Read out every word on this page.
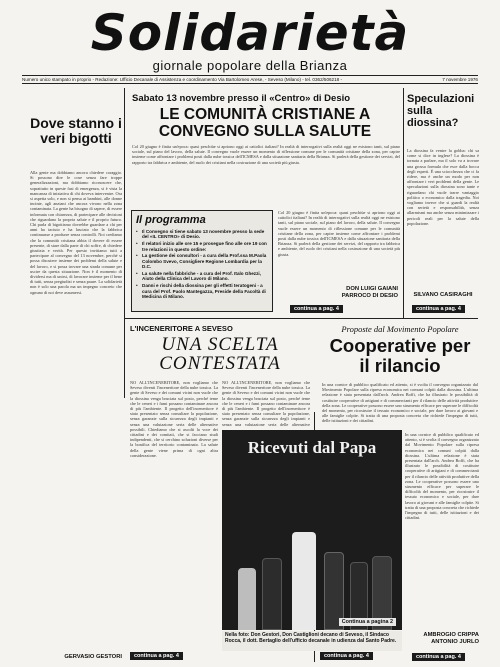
Solidarietà
giornale popolare della Brianza
Numero unico stampato in proprio - Redazione: Ufficio Decanale di Assistenza e coordinamento Via Bartolomeo Arese, - Seveso (Milano) - tel. 0362/506218 -	7 novembre 1976
Dove stanno i veri bigotti
Alla gente ma dobbiamo ancora chiedere coraggio. Si possono dire le cose senza fare troppe generalizzazioni, ma dobbiamo riconoscere che, soprattutto in queste fasi di emergenza, si è vista la mancanza di iniziativa di chi doveva intervenire. Ora si aspetta solo, e non si pensa ai bambini, alle donne incinte, agli anziani che ancora vivono nella zona contaminata. La gente ha bisogno di sapere, di essere informata con chiarezza, di partecipare alle decisioni che riguardano la propria salute e il proprio futuro. Chi parla di bigottismo dovrebbe guardare a chi per anni ha taciuto e ha lasciato che la fabbrica continuasse a produrre senza controlli. Noi crediamo che la comunità cristiana abbia il dovere di essere presente, di stare dalla parte di chi soffre, di chiedere giustizia e verità. Per questo invitiamo tutti a partecipare al convegno del 13 novembre, perché si possa discutere insieme dei problemi della salute e del lavoro, e si possa trovare una strada comune per uscire da questa situazione. Non è il momento di dividersi ma di unirsi, di lavorare insieme per il bene di tutti, senza pregiudizi e senza paure. La solidarietà non è solo una parola ma un impegno concreto che ognuno di noi deve assumersi.
GERVASIO GESTORI
Sabato 13 novembre presso il «Centro» di Desio
LE COMUNITÀ CRISTIANE A CONVEGNO SULLA SALUTE
Col 20 giugno è finita un'epoca: quasi peschiùe si apriono oggi ai cattolici italiani? In realtà di interrogativi sulla realtà oggi ne esistono tanti, sul piano sociale, sul piano del lavoro, della salute. Il convegno vuole essere un momento di riflessione comune per le comunità cristiane della zona, per capire insieme come affrontare i problemi posti dalla nube tossica dell'ICMESA e dalla situazione sanitaria della Brianza. Si parlerà della gestione dei servizi, del rapporto tra fabbrica e ambiente, del ruolo dei cristiani nella costruzione di una società più giusta.
Il programma
• Il Convegno si tiene sabato 13 novembre presso la sede del «IL CENTRO» di Desio.
• Il relatori inizio alle ore 15 e prosegue fino alle ore 19 con tre relazioni in questo ordine:
• La gestione dei consultori - a cura della Prof.ssa M.Paola Colombo Svevo, Consigliere Regione Lombardia per la D.C.
• La salute nella fabbriche - a cura del Prof. Italo Ghezzi, Aiuto della Clinica del Lavoro di Milano.
• Danni e rischi della diossina per gli effetti teratogeni - a cura del Prof. Paolo Mantegazza, Preside della Facoltà di Medicina di Milano.
Col 20 giugno è finita un'epoca: quasi peschiùe si apriono oggi ai cattolici italiani? In realtà di interrogativi sulla realtà oggi ne esistono tanti, sul piano sociale, sul piano del lavoro, della salute. Il convegno vuole essere un momento di riflessione comune per le comunità cristiane della zona, per capire insieme come affrontare i problemi posti dalla nube tossica dell'ICMESA e dalla situazione sanitaria della Brianza. Si parlerà della gestione dei servizi, del rapporto tra fabbrica e ambiente, del ruolo dei cristiani nella costruzione di una società più giusta.
DON LUIGI GAIANI
PARROCO DI DESIO
continua a pag. 4
Speculazioni sulla diossina?
La diossina fa venire la gobba: chi sa come si dice in inglese? La diossina è tornata a parlare, ma il solo va a trovare una grossa formula che esce dalla bocca degli esperti. È una sciocchezza che ci fa ridere, ma è anche un modo per non affrontare i veri problemi della gente. Le speculazioni sulla diossina sono tante e riguardano chi vuole trarre vantaggio politico o economico dalla tragedia. Noi vogliamo invece che si guardi la realtà con serietà e responsabilità, senza allarmismi ma anche senza minimizzare i pericoli reali per la salute della popolazione.
SILVANO CASIRAGHI
continua a pag. 4
L'INCENERITORE A SEVESO
UNA SCELTA CONTESTATA
NO ALL'INCENERITORE, non vogliamo che Seveso diventi l'inceneritore della nube tossica. La gente di Seveso e dei comuni vicini non vuole che la diossina venga bruciata sul posto, perché teme che le ceneri e i fumi possano contaminare ancora di più l'ambiente. Il progetto dell'inceneritore è stato presentato senza consultare la popolazione, senza garanzie sulla sicurezza degli impianti e senza una valutazione seria delle alternative possibili. Chiediamo che si ascolti la voce dei cittadini e dei comitati, che si facciano studi indipendenti, che si cerchino soluzioni diverse per la bonifica del territorio contaminato. La salute della gente viene prima di ogni altra considerazione.
NO ALL'INCENERITORE, non vogliamo che Seveso diventi l'inceneritore della nube tossica. La gente di Seveso e dei comuni vicini non vuole che la diossina venga bruciata sul posto, perché teme che le ceneri e i fumi possano contaminare ancora di più l'ambiente. Il progetto dell'inceneritore è stato presentato senza consultare la popolazione, senza garanzie sulla sicurezza degli impianti e senza una valutazione seria delle alternative
continua a pag. 4
Ricevuti dal Papa
Continua a pagina 2
Nella foto: Don Gestori, Don Castiglioni decano di Seveso, il Sindaco Rocca, il dott. Bertaglio dell'ufficio decanale in udienza dal Santo Padre.
continua a pag. 4
Proposte dal Movimento Popolare
Cooperative per il rilancio
In una cornice di pubblico qualificato ed attento, si è svolta il convegno organizzato dal Movimento Popolare sulla ripresa economica nei comuni colpiti dalla diossina. L'ultima relazione è stata presentata dall'arch. Andrea Boffi, che ha illustrato le possibilità di costituire cooperative di artigiani e di commercianti per il rilancio delle attività produttive della zona. Le cooperative possono essere uno strumento efficace per superare le difficoltà del momento, per ricostruire il tessuto economico e sociale, per dare lavoro ai giovani e alle famiglie colpite. Si tratta di una proposta concreta che richiede l'impegno di tutti, delle istituzioni e dei cittadini.
In una cornice di pubblico qualificato ed attento, si è svolta il convegno organizzato dal Movimento Popolare sulla ripresa economica nei comuni colpiti dalla diossina. L'ultima relazione è stata presentata dall'arch. Andrea Boffi, che ha illustrato le possibilità di costituire cooperative di artigiani e di commercianti per il rilancio delle attività produttive della zona. Le cooperative possono essere uno strumento efficace per superare le difficoltà del momento, per ricostruire il tessuto economico e sociale, per dare lavoro ai giovani e alle famiglie colpite. Si tratta di una proposta concreta che richiede l'impegno di tutti, delle istituzioni e dei cittadini.
AMBROGIO CRIPPA
ANTONIO JURLO
continua a pag. 4
